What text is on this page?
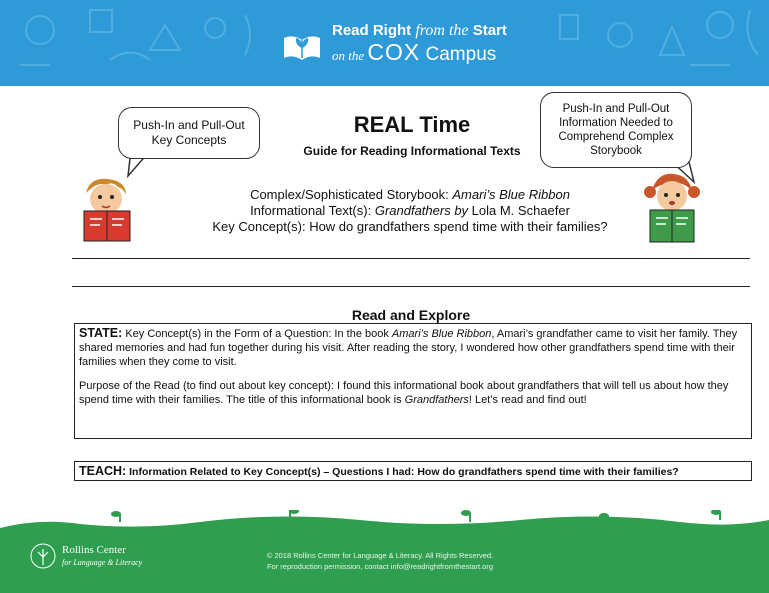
Read Right from the Start
on the COX Campus
Push-In and Pull-Out Key Concepts
Push-In and Pull-Out Information Needed to Comprehend Complex Storybook
REAL Time
Guide for Reading Informational Texts
Complex/Sophisticated Storybook: Amari’s Blue Ribbon
Informational Text(s): Grandfathers by Lola M. Schaefer
Key Concept(s): How do grandfathers spend time with their families?
Read and Explore

STATE: Key Concept(s) in the Form of a Question: In the book Amari’s Blue Ribbon, Amari’s grandfather came to visit her family. They shared memories and had fun together during his visit. After reading the story, I wondered how other grandfathers spend time with their families when they come to visit.

Purpose of the Read (to find out about key concept): I found this informational book about grandfathers that will tell us about how they spend time with their families. The title of this informational book is Grandfathers! Let’s read and find out!

TEACH: Information Related to Key Concept(s) – Questions I had: How do grandfathers spend time with their families?
Rollins Center
for Language & Literacy
© 2018 Rollins Center for Language & Literacy. All Rights Reserved.
For reproduction permission, contact info@readrightfromthestart.org
